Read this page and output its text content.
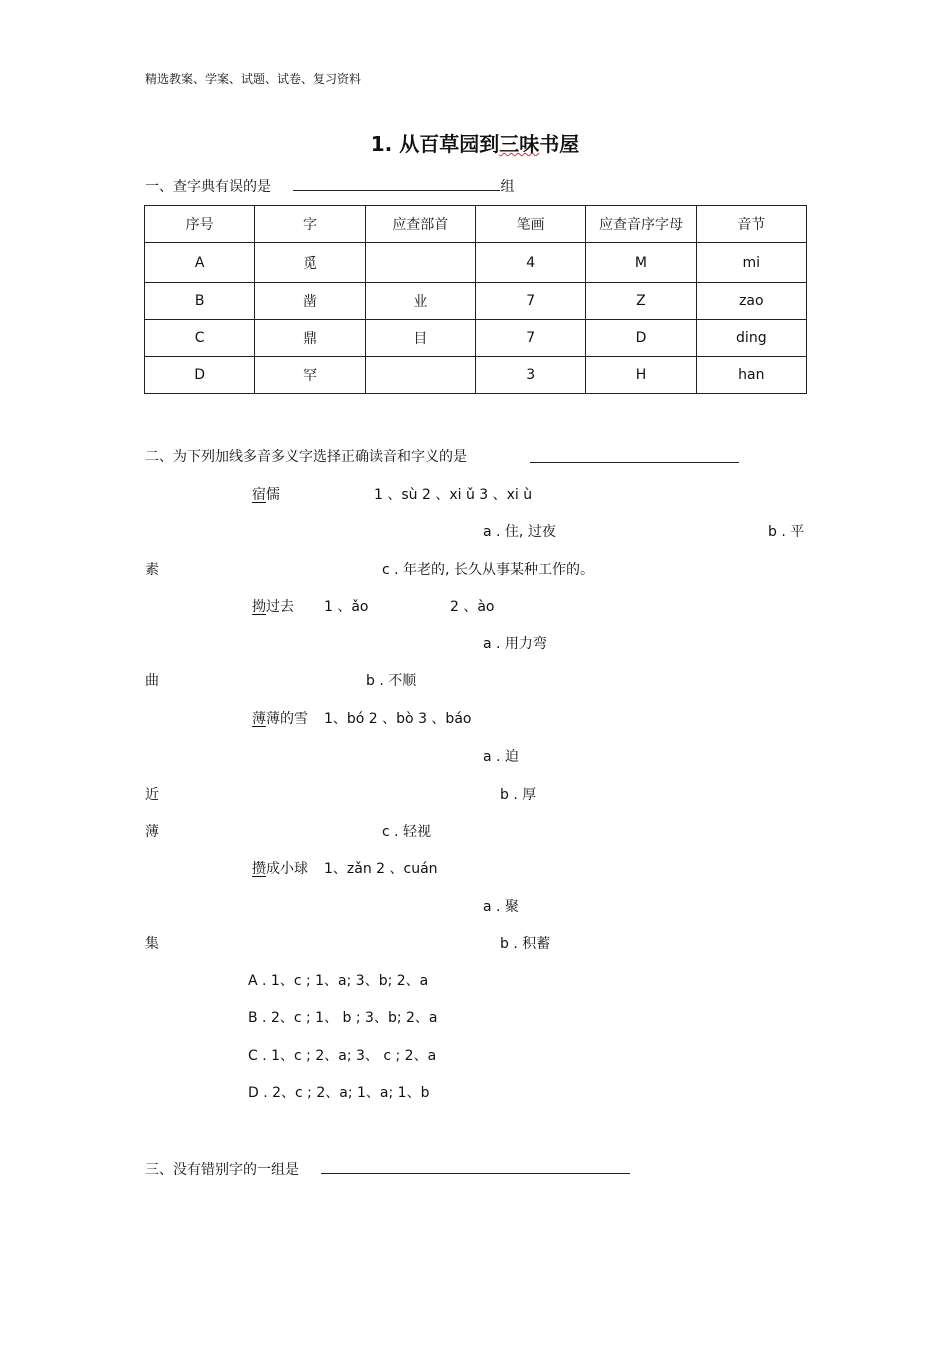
精选教案、学案、试题、试卷、复习资料
1. 从百草园到三味书屋
一、查字典有误的是	组
序号	字	应查部首	笔画	应查音序字母	音节
A	觅		4	M	mi
B	凿	业	7	Z	zao
C	鼎	目	7	D	ding
D	罕		3	H	han
二、为下列加线多音多义字选择正确读音和字义的是
宿儒	1 、sù 2 、xi ǔ 3 、xi ù
a . 住, 过夜	b . 平
素	c . 年老的, 长久从事某种工作的。
拗过去 1 、ǎo	2 、ào
a . 用力弯
曲	b . 不顺
薄薄的雪 1、bó 2 、bò 3 、báo
a . 迫
近	b . 厚
薄	c . 轻视
攒成小球 1、zǎn 2 、cuán
a . 聚
集	b . 积蓄
A . 1、c ; 1、a; 3、b; 2、a
B . 2、c ; 1、 b ; 3、b; 2、a
C . 1、c ; 2、a; 3、 c ; 2、a
D . 2、c ; 2、a; 1、a; 1、b
三、没有错别字的一组是
